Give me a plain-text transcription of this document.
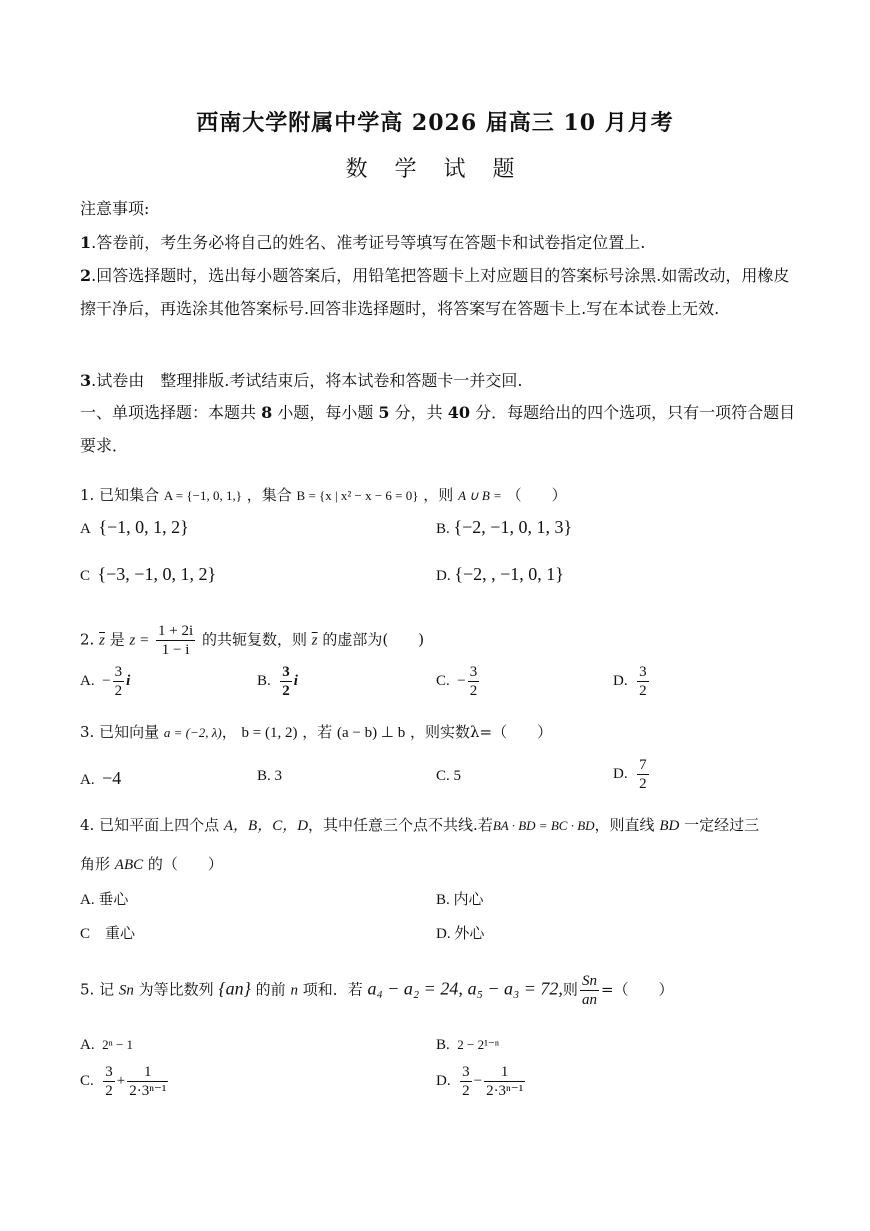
西南大学附属中学高 2026 届高三 10 月月考
数 学 试 题
注意事项:
1.答卷前，考生务必将自己的姓名、准考证号等填写在答题卡和试卷指定位置上.
2.回答选择题时，选出每小题答案后，用铅笔把答题卡上对应题目的答案标号涂黑.如需改动，用橡皮擦干净后，再选涂其他答案标号.回答非选择题时，将答案写在答题卡上.写在本试卷上无效.
3.试卷由　整理排版.考试结束后，将本试卷和答题卡一并交回.
一、单项选择题：本题共 8 小题，每小题 5 分，共 40 分．每题给出的四个选项，只有一项符合题目要求．
1. 已知集合 A = {−1, 0, 1,} ，集合 B = {x | x² − x − 6 = 0} ，则 A ∪ B = （　　）
A {−1, 0, 1, 2}	B. {−2, −1, 0, 1, 3}
C {−3, −1, 0, 1, 2}	D. {−2, , −1, 0, 1}
2. $\overline{z}$ 是 $z = \frac{1 + 2i}{1 - i}$ 的共轭复数，则 $\overline{z}$ 的虚部为(　　)
A. − $\frac{3}{2}$ i	B. $\frac{3}{2}$ i	C. − $\frac{3}{2}$	D. $\frac{3}{2}$
3. 已知向量 a = (−2, λ)， b = (1, 2) ，若 (a − b) ⊥ b ，则实数λ=（　　）
A. −4	B. 3	C. 5	D. $\frac{7}{2}$
4. 已知平面上四个点 A，B，C，D，其中任意三个点不共线.若BA · BD = BC · BD，则直线 BD 一定经过三
角形 ABC 的（　　）
A. 垂心	B. 内心
C　重心	D. 外心
5. 记 Sn 为等比数列 {an} 的前 n 项和．若 a₄ − a₂ = 24, a₅ − a₃ = 72,则 $\frac{Sn}{an}$ =（　　）
A. 2ⁿ − 1	B. 2 − 2¹⁻ⁿ
C. $\frac{3}{2} + \frac{1}{\text{2·3ⁿ⁻¹}}$	D. $\frac{3}{2} - \frac{1}{\text{2·3ⁿ⁻¹}}$
